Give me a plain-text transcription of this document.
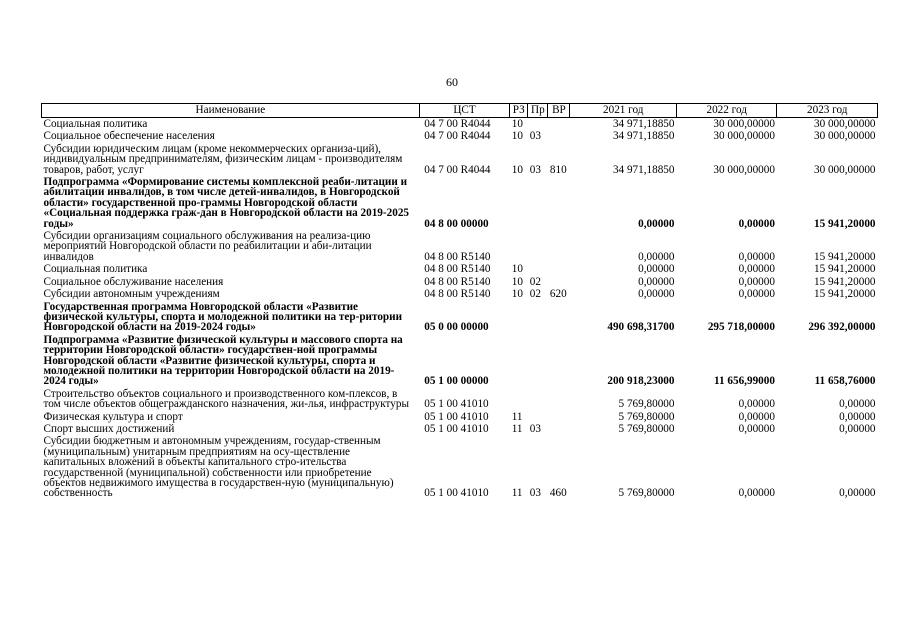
60
Наименование	ЦСТ	РЗ	Пр	ВР	2021 год	2022 год	2023 год
Социальная политика	04 7 00 R4044	10			34 971,18850	30 000,00000	30 000,00000
Социальное обеспечение населения	04 7 00 R4044	10	03		34 971,18850	30 000,00000	30 000,00000
Субсидии юридическим лицам (кроме некоммерческих организа-ций), индивидуальным предпринимателям, физическим лицам - производителям товаров, работ, услуг	04 7 00 R4044	10	03	810	34 971,18850	30 000,00000	30 000,00000
Подпрограмма «Формирование системы комплексной реаби-литации и абилитации инвалидов, в том числе детей-инвалидов, в Новгородской области» государственной про-граммы Новгородской области «Социальная поддержка граж-дан в Новгородской области на 2019-2025 годы»	04 8 00 00000				0,00000	0,00000	15 941,20000
Субсидии организациям социального обслуживания на реализа-цию мероприятий Новгородской области по реабилитации и аби-литации инвалидов	04 8 00 R5140				0,00000	0,00000	15 941,20000
Социальная политика	04 8 00 R5140	10			0,00000	0,00000	15 941,20000
Социальное обслуживание населения	04 8 00 R5140	10	02		0,00000	0,00000	15 941,20000
Субсидии автономным учреждениям	04 8 00 R5140	10	02	620	0,00000	0,00000	15 941,20000
Государственная программа Новгородской области «Развитие физической культуры, спорта и молодежной политики на тер-ритории Новгородской области на 2019-2024 годы»	05 0 00 00000				490 698,31700	295 718,00000	296 392,00000
Подпрограмма «Развитие физической культуры и массового спорта на территории Новгородской области» государствен-ной программы Новгородской области «Развитие физической культуры, спорта и молодежной политики на территории Новгородской области на 2019-2024 годы»	05 1 00 00000				200 918,23000	11 656,99000	11 658,76000
Строительство объектов социального и производственного ком-плексов, в том числе объектов общегражданского назначения, жи-лья, инфраструктуры	05 1 00 41010				5 769,80000	0,00000	0,00000
Физическая культура и спорт	05 1 00 41010	11			5 769,80000	0,00000	0,00000
Спорт высших достижений	05 1 00 41010	11	03		5 769,80000	0,00000	0,00000
Субсидии бюджетным и автономным учреждениям, государ-ственным (муниципальным) унитарным предприятиям на осу-ществление капитальных вложений в объекты капитального стро-ительства государственной (муниципальной) собственности или приобретение объектов недвижимого имущества в государствен-ную (муниципальную) собственность	05 1 00 41010	11	03	460	5 769,80000	0,00000	0,00000
